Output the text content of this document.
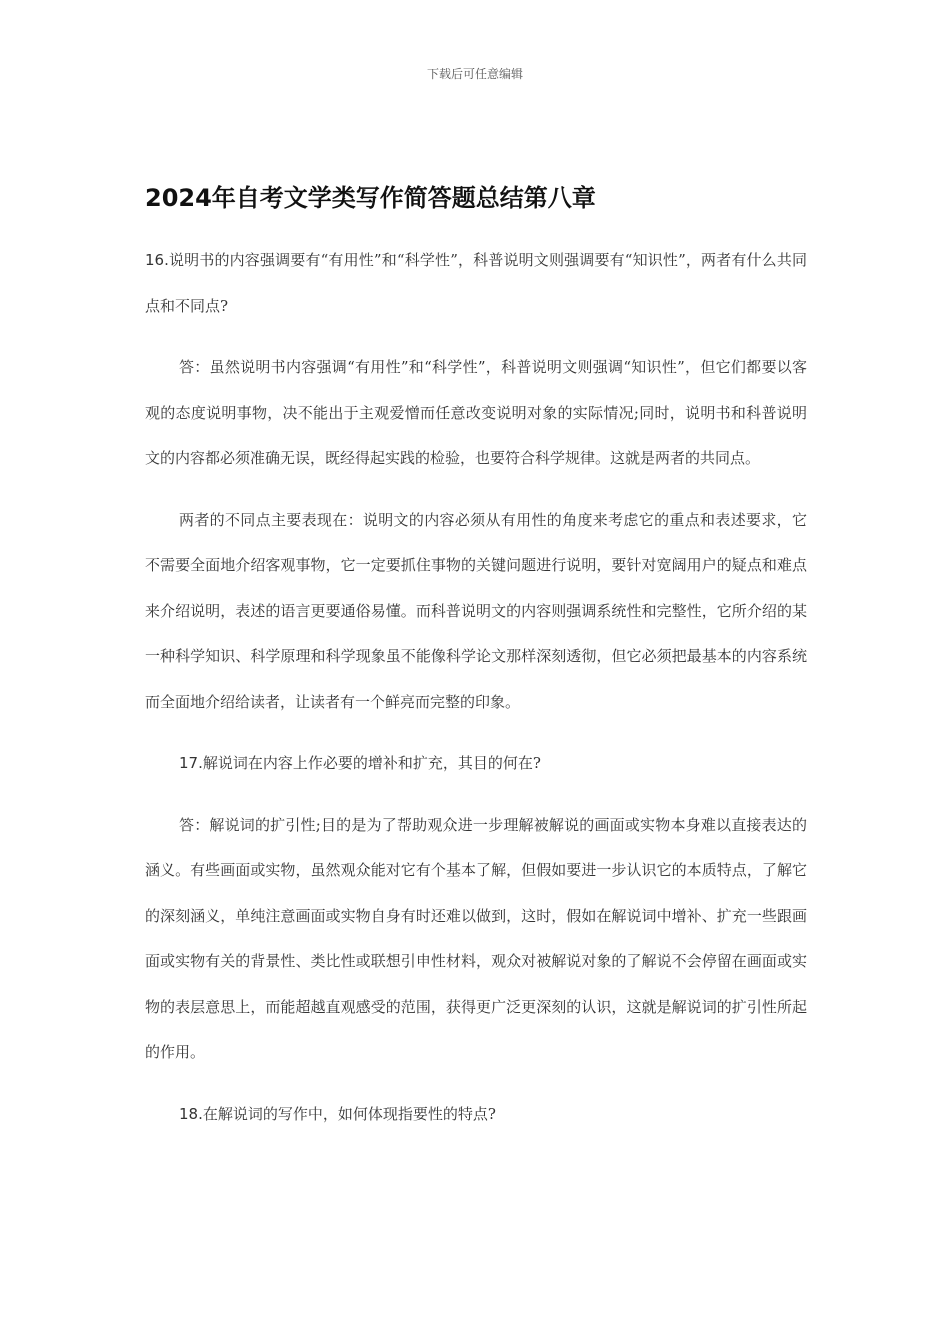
下载后可任意编辑
2024年自考文学类写作简答题总结第八章

16.说明书的内容强调要有“有用性”和“科学性”，科普说明文则强调要有“知识性”，两者有什么共同点和不同点?

答：虽然说明书内容强调“有用性”和“科学性”，科普说明文则强调“知识性”，但它们都要以客观的态度说明事物，决不能出于主观爱憎而任意改变说明对象的实际情况;同时，说明书和科普说明文的内容都必须准确无误，既经得起实践的检验，也要符合科学规律。这就是两者的共同点。

两者的不同点主要表现在：说明文的内容必须从有用性的角度来考虑它的重点和表述要求，它不需要全面地介绍客观事物，它一定要抓住事物的关键问题进行说明，要针对宽阔用户的疑点和难点来介绍说明，表述的语言更要通俗易懂。而科普说明文的内容则强调系统性和完整性，它所介绍的某一种科学知识、科学原理和科学现象虽不能像科学论文那样深刻透彻，但它必须把最基本的内容系统而全面地介绍给读者，让读者有一个鲜亮而完整的印象。

17.解说词在内容上作必要的增补和扩充，其目的何在?

答：解说词的扩引性;目的是为了帮助观众进一步理解被解说的画面或实物本身难以直接表达的涵义。有些画面或实物，虽然观众能对它有个基本了解，但假如要进一步认识它的本质特点，了解它的深刻涵义，单纯注意画面或实物自身有时还难以做到，这时，假如在解说词中增补、扩充一些跟画面或实物有关的背景性、类比性或联想引申性材料，观众对被解说对象的了解说不会停留在画面或实物的表层意思上，而能超越直观感受的范围，获得更广泛更深刻的认识，这就是解说词的扩引性所起的作用。

18.在解说词的写作中，如何体现指要性的特点?
